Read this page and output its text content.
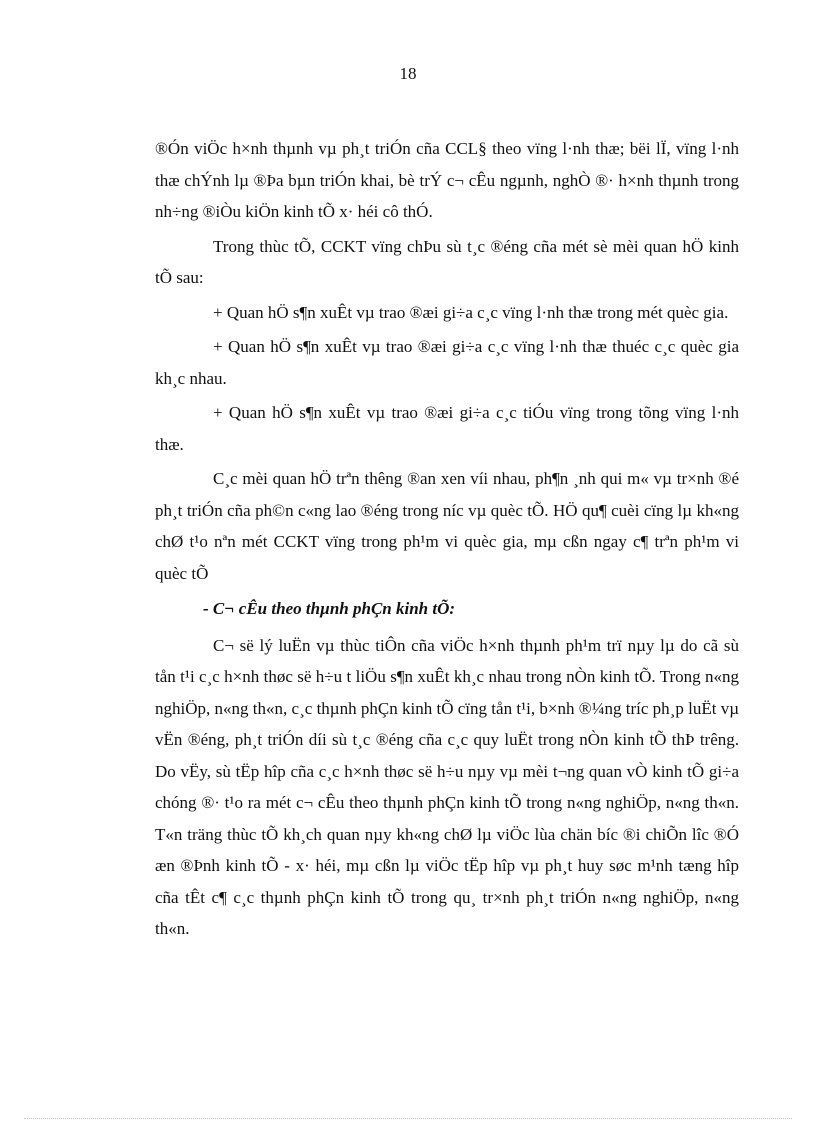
18

®Ón viÖc h×nh thµnh vµ ph¸t triÓn cña CCL§ theo vïng l·nh thæ; bëi lÏ, vïng l·nh thæ chÝnh lµ ®Þa bµn triÓn khai, bè trÝ c¬ cÊu ngµnh, nghÒ ®· h×nh thµnh trong nh÷ng ®iÒu kiÖn kinh tÕ x· héi cô thÓ.

Trong thùc tÕ, CCKT vïng chÞu sù t¸c ®éng cña mét sè mèi quan hÖ kinh tÕ sau:

+ Quan hÖ s¶n xuÊt vµ trao ®æi gi÷a c¸c vïng l·nh thæ trong mét quèc gia.

+ Quan hÖ s¶n xuÊt vµ trao ®æi gi÷a c¸c vïng l·nh thæ thuéc c¸c quèc gia kh¸c nhau.

+ Quan hÖ s¶n xuÊt vµ trao ®æi gi÷a c¸c tiÓu vïng trong tõng vïng l·nh thæ.

C¸c mèi quan hÖ trªn thêng ®an xen víi nhau, ph¶n ¸nh qui m« vµ tr×nh ®é ph¸t triÓn cña ph©n c«ng lao ®éng trong níc vµ quèc tÕ. HÖ qu¶ cuèi cïng lµ kh«ng chØ t¹o nªn mét CCKT vïng trong ph¹m vi quèc gia, mµ cßn ngay c¶ trªn ph¹m vi quèc tÕ

- C¬ cÊu theo thµnh phÇn kinh tÕ:

C¬ së lý luËn vµ thùc tiÔn cña viÖc h×nh thµnh ph¹m trï nµy lµ do cã sù tån t¹i c¸c h×nh thøc së h÷u t liÖu s¶n xuÊt kh¸c nhau trong nÒn kinh tÕ. Trong n«ng nghiÖp, n«ng th«n, c¸c thµnh phÇn kinh tÕ cïng tån t¹i, b×nh ®¼ng tríc ph¸p luËt vµ vËn ®éng, ph¸t triÓn díi sù t¸c ®éng cña c¸c quy luËt trong nÒn kinh tÕ thÞ trêng. Do vËy, sù tËp hîp cña c¸c h×nh thøc së h÷u nµy vµ mèi t¬ng quan vÒ kinh tÕ gi÷a chóng ®· t¹o ra mét c¬ cÊu theo thµnh phÇn kinh tÕ trong n«ng nghiÖp, n«ng th«n. T«n träng thùc tÕ kh¸ch quan nµy kh«ng chØ lµ viÖc lùa chän bíc ®i chiÕn lîc ®Ó æn ®Þnh kinh tÕ - x· héi, mµ cßn lµ viÖc tËp hîp vµ ph¸t huy søc m¹nh tæng hîp cña tÊt c¶ c¸c thµnh phÇn kinh tÕ trong qu¸ tr×nh ph¸t triÓn n«ng nghiÖp, n«ng th«n.
